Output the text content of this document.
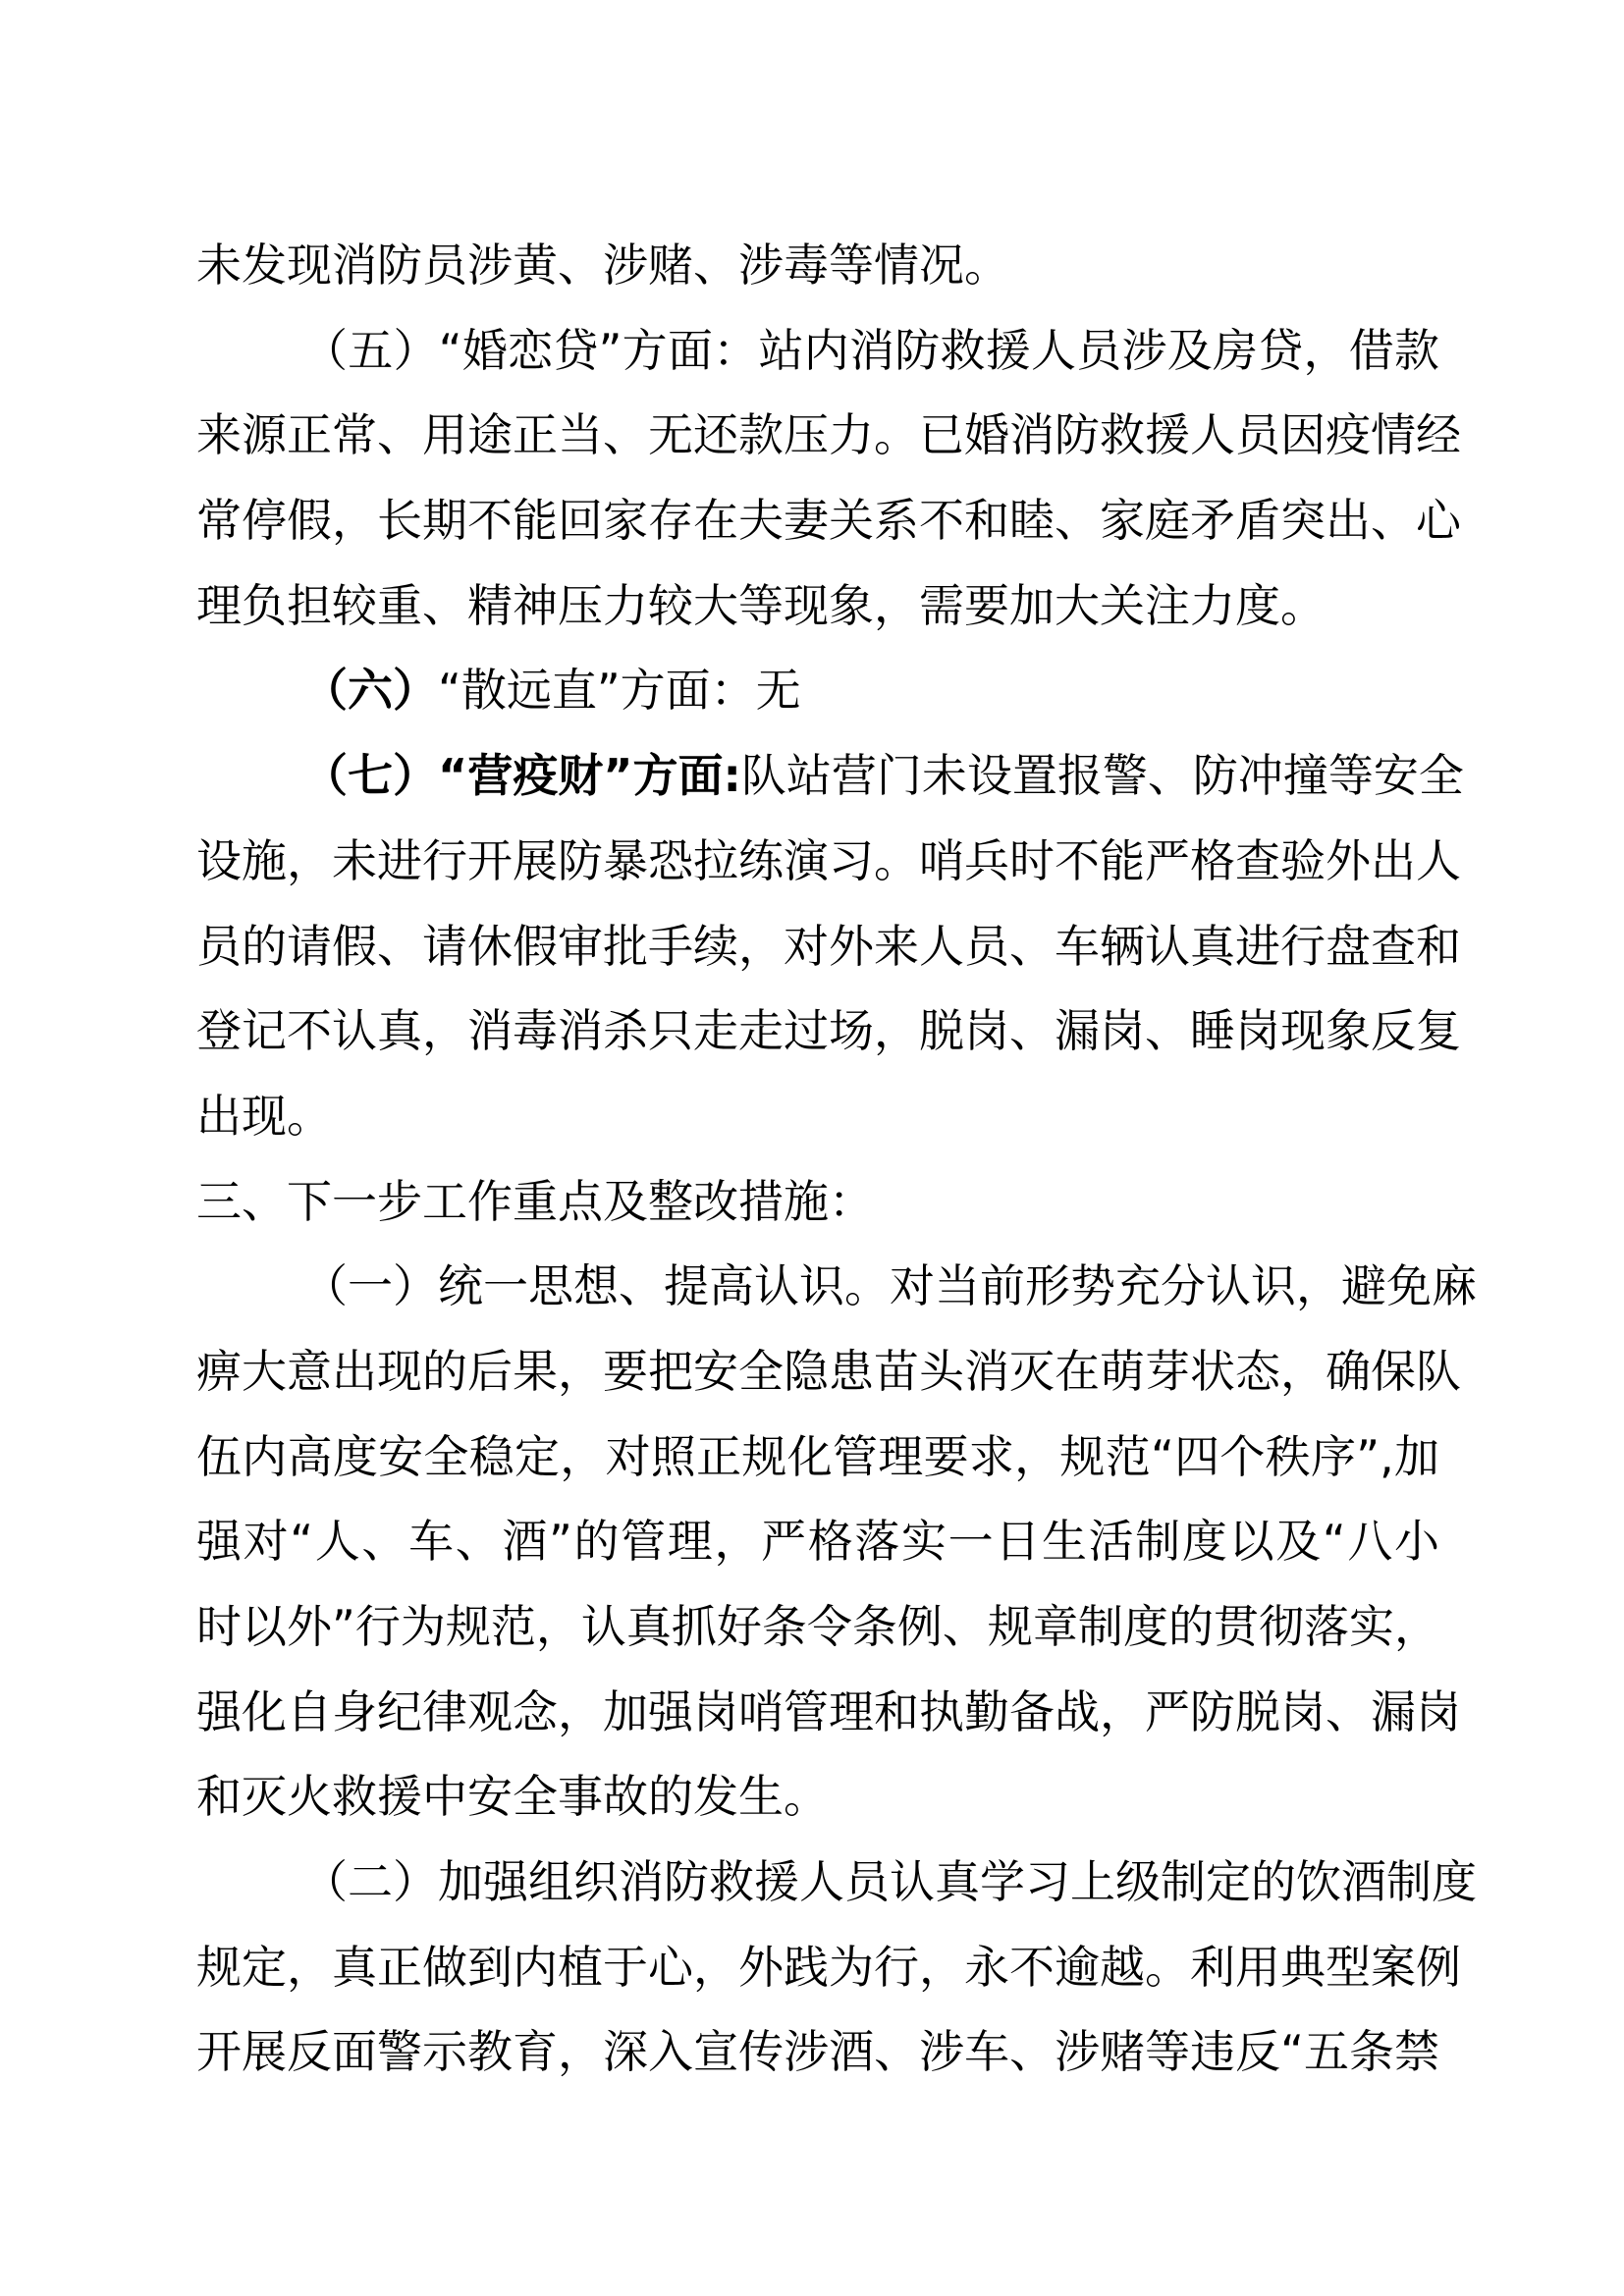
未发现消防员涉黄、涉赌、涉毒等情况。
（五）“婚恋贷”方面：站内消防救援人员涉及房贷，借款
来源正常、用途正当、无还款压力。已婚消防救援人员因疫情经
常停假，长期不能回家存在夫妻关系不和睦、家庭矛盾突出、心
理负担较重、精神压力较大等现象，需要加大关注力度。
（六）“散远直”方面：无
（七）“营疫财”方面:队站营门未设置报警、防冲撞等安全
设施，未进行开展防暴恐拉练演习。哨兵时不能严格查验外出人
员的请假、请休假审批手续，对外来人员、车辆认真进行盘查和
登记不认真，消毒消杀只走走过场，脱岗、漏岗、睡岗现象反复
出现。
三、下一步工作重点及整改措施：
（一）统一思想、提高认识。对当前形势充分认识，避免麻
痹大意出现的后果，要把安全隐患苗头消灭在萌芽状态，确保队
伍内高度安全稳定，对照正规化管理要求，规范“四个秩序”,加
强对“人、车、酒”的管理，严格落实一日生活制度以及“八小
时以外”行为规范，认真抓好条令条例、规章制度的贯彻落实，
强化自身纪律观念，加强岗哨管理和执勤备战，严防脱岗、漏岗
和灭火救援中安全事故的发生。
（二）加强组织消防救援人员认真学习上级制定的饮酒制度
规定，真正做到内植于心，外践为行，永不逾越。利用典型案例
开展反面警示教育，深入宣传涉酒、涉车、涉赌等违反“五条禁
